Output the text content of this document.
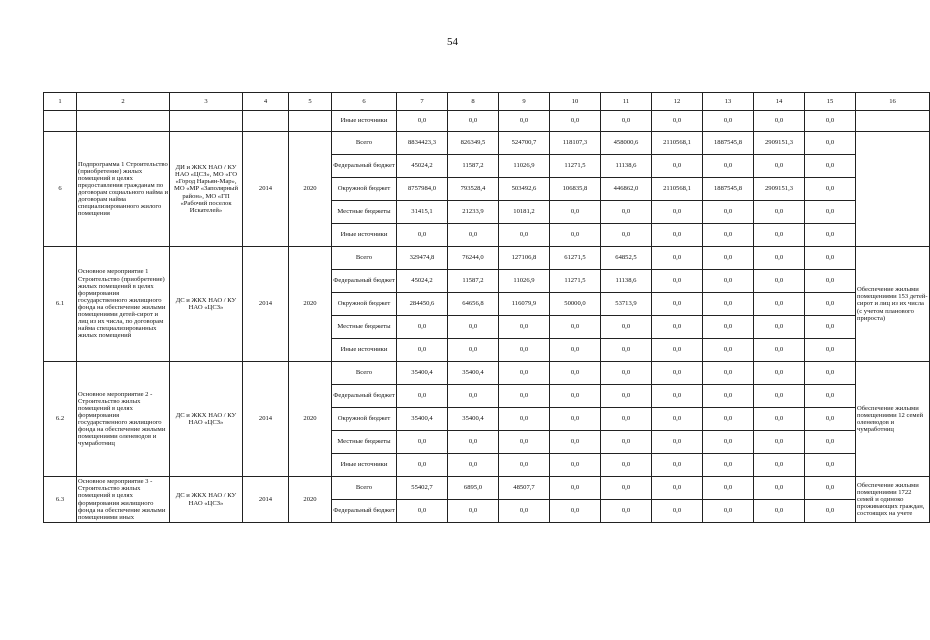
54
1	2	3	4	5	6	7	8	9	10	11	12	13	14	15	16
					Иные источники	0,0	0,0	0,0	0,0	0,0	0,0	0,0	0,0	0,0	
6	Подпрограмма 1 Строительство (приобретение) жилых помещений в целях предоставления гражданам по договорам социального найма и договорам найма специализированного жилого помещения	ДИ и ЖКХ НАО / КУ НАО «ЦСЗ», МО «ГО «Город Нарьян-Мар», МО «МР «Заполярный район», МО «ГП «Рабочий поселок Искателей»	2014	2020	Всего	8834423,3	826349,5	524700,7	118107,3	458000,6	2110568,1	1887545,8	2909151,3	0,0	
					Федеральный бюджет	45024,2	11587,2	11026,9	11271,5	11138,6	0,0	0,0	0,0	0,0	
					Окружной бюджет	8757984,0	793528,4	503492,6	106835,8	446862,0	2110568,1	1887545,8	2909151,3	0,0	
					Местные бюджеты	31415,1	21233,9	10181,2	0,0	0,0	0,0	0,0	0,0	0,0	
					Иные источники	0,0	0,0	0,0	0,0	0,0	0,0	0,0	0,0	0,0	
6.1	Основное мероприятие 1 Строительство (приобретение) жилых помещений в целях формирования государственного жилищного фонда на обеспечение жилыми помещениями детей-сирот и лиц из их числа, по договорам найма специализированных жилых помещений	ДС и ЖКХ НАО / КУ НАО «ЦСЗ»	2014	2020	Всего	329474,8	76244,0	127106,8	61271,5	64852,5	0,0	0,0	0,0	0,0	Обеспечение жилыми помещениями 153 детей-сирот и лиц из их числа (с учетом планового прироста)
					Федеральный бюджет	45024,2	11587,2	11026,9	11271,5	11138,6	0,0	0,0	0,0	0,0	
					Окружной бюджет	284450,6	64656,8	116079,9	50000,0	53713,9	0,0	0,0	0,0	0,0	
					Местные бюджеты	0,0	0,0	0,0	0,0	0,0	0,0	0,0	0,0	0,0	
					Иные источники	0,0	0,0	0,0	0,0	0,0	0,0	0,0	0,0	0,0	
6.2	Основное мероприятие 2 - Строительство жилых помещений в целях формирования государственного жилищного фонда на обеспечение жилыми помещениями оленеводов и чумработниц	ДС и ЖКХ НАО / КУ НАО «ЦСЗ»	2014	2020	Всего	35400,4	35400,4	0,0	0,0	0,0	0,0	0,0	0,0	0,0	Обеспечение жилыми помещениями 12 семей оленеводов и чумработниц
					Федеральный бюджет	0,0	0,0	0,0	0,0	0,0	0,0	0,0	0,0	0,0	
					Окружной бюджет	35400,4	35400,4	0,0	0,0	0,0	0,0	0,0	0,0	0,0	
					Местные бюджеты	0,0	0,0	0,0	0,0	0,0	0,0	0,0	0,0	0,0	
					Иные источники	0,0	0,0	0,0	0,0	0,0	0,0	0,0	0,0	0,0	
6.3	Основное мероприятие 3 - Строительство жилых помещений в целях формирования жилищного фонда на обеспечение жилыми помещениями иных	ДС и ЖКХ НАО / КУ НАО «ЦСЗ»	2014	2020	Всего	55402,7	6895,0	48507,7	0,0	0,0	0,0	0,0	0,0	0,0	Обеспечение жилыми помещениями 1722 семей и одиноко проживающих граждан, состоящих на учете
					Федеральный бюджет	0,0	0,0	0,0	0,0	0,0	0,0	0,0	0,0	0,0	
